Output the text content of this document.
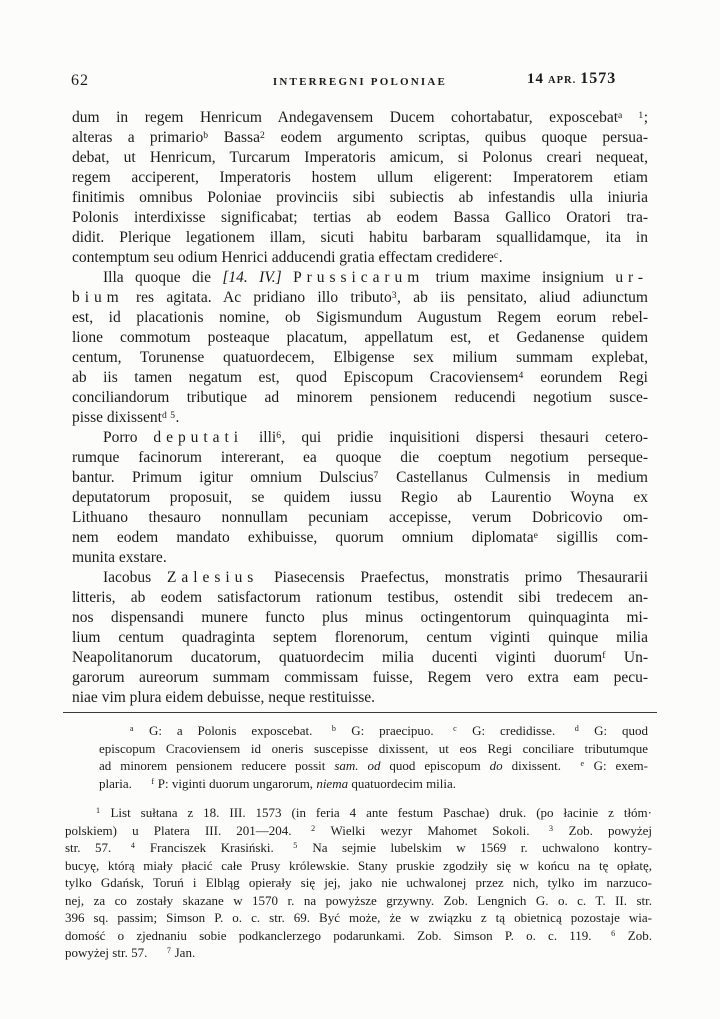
62	INTERREGNI POLONIAE	14 APR. 1573
dum in regem Henricum Andegavensem Ducem cohortabatur, exposcebat$^{a 1}$;
alteras a primario$^b$ Bassa$^2$ eodem argumento scriptas, quibus quoque persua-
debat, ut Henricum, Turcarum Imperatoris amicum, si Polonus creari nequeat,
regem acciperent, Imperatoris hostem ullum eligerent: Imperatorem etiam
finitimis omnibus Poloniae provinciis sibi subiectis ab infestandis ulla iniuria
Polonis interdixisse significabat; tertias ab eodem Bassa Gallico Oratori tra-
didit. Plerique legationem illam, sicuti habitu barbaram squallidamque, ita in
contemptum seu odium Henrici adducendi gratia effectam credidere$^c$.
Illa quoque die [14. IV.] Prussicarum trium maxime insignium ur-
bium res agitata. Ac pridiano illo tributo$^3$, ab iis pensitato, aliud adiunctum
est, id placationis nomine, ob Sigismundum Augustum Regem eorum rebel-
lione commotum posteaque placatum, appellatum est, et Gedanense quidem
centum, Torunense quatuordecem, Elbigense sex milium summam explebat,
ab iis tamen negatum est, quod Episcopum Cracoviensem$^4$ eorundem Regi
conciliandorum tributique ad minorem pensionem reducendi negotium susce-
pisse dixissent$^{d 5}$.
Porro deputati illi$^6$, qui pridie inquisitioni dispersi thesauri cetero-
rumque facinorum intererant, ea quoque die coeptum negotium perseque-
bantur. Primum igitur omnium Dulscius$^7$ Castellanus Culmensis in medium
deputatorum proposuit, se quidem iussu Regio ab Laurentio Woyna ex
Lithuano thesauro nonnullam pecuniam accepisse, verum Dobricovio om-
nem eodem mandato exhibuisse, quorum omnium diplomata$^e$ sigillis com-
munita exstare.
Iacobus Zalesius Piasecensis Praefectus, monstratis primo Thesaurarii
litteris, ab eodem satisfactorum rationum testibus, ostendit sibi tredecem an-
nos dispensandi munere functo plus minus octingentorum quinquaginta mi-
lium centum quadraginta septem florenorum, centum viginti quinque milia
Neapolitanorum ducatorum, quatuordecim milia ducenti viginti duorum$^f$ Un-
garorum aureorum summam commissam fuisse, Regem vero extra eam pecu-
niae vim plura eidem debuisse, neque restituisse.
$^a$ G: a Polonis exposcebat.  $^b$ G: praecipuo.  $^c$ G: credidisse.  $^d$ G: quod
episcopum Cracoviensem id oneris suscepisse dixissent, ut eos Regi conciliare tributumque
ad minorem pensionem reducere possit sam. od quod episcopum do dixissent.  $^e$ G: exem-
plaria.  $^f$ P: viginti duorum ungarorum, niema quatuordecim milia.
$^1$ List sułtana z 18. III. 1573 (in feria 4 ante festum Paschae) druk. (po łacinie z tłóm·
polskiem) u Platera III. 201—204.  $^2$ Wielki wezyr Mahomet Sokoli.  $^3$ Zob. powyżej
str. 57.  $^4$ Franciszek Krasiński.  $^5$ Na sejmie lubelskim w 1569 r. uchwalono kontry-
bucyę, którą miały płacić całe Prusy królewskie. Stany pruskie zgodziły się w końcu na tę opłatę,
tylko Gdańsk, Toruń i Elbląg opierały się jej, jako nie uchwalonej przez nich, tylko im narzuco-
nej, za co zostały skazane w 1570 r. na powyższe grzywny. Zob. Lengnich G. o. c. T. II. str.
396 sq. passim; Simson P. o. c. str. 69. Być może, że w związku z tą obietnicą pozostaje wia-
domość o zjednaniu sobie podkanclerzego podarunkami. Zob. Simson P. o. c. 119.  $^6$ Zob.
powyżej str. 57.  $^7$ Jan.
